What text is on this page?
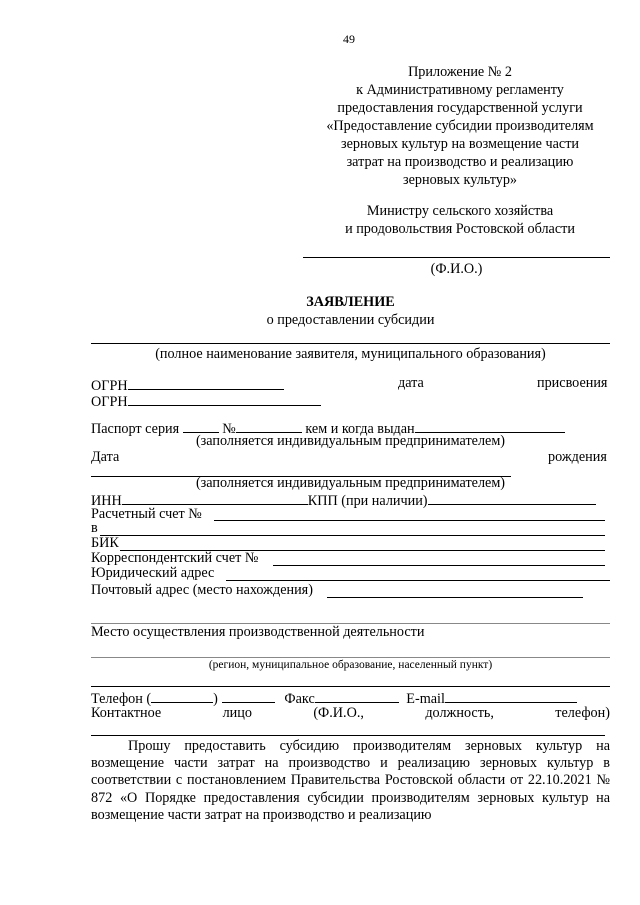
49
Приложение № 2
к Административному регламенту
предоставления государственной услуги
«Предоставление субсидии производителям
зерновых культур на возмещение части
затрат на производство и реализацию
зерновых культур»
Министру сельского хозяйства
и продовольствия Ростовской области
(Ф.И.О.)
ЗАЯВЛЕНИЕ
о предоставлении субсидии
(полное наименование заявителя, муниципального образования)
ОГРН	дата	присвоения
ОГРН
Паспорт серия	№	кем и когда выдан
(заполняется индивидуальным предпринимателем)
Дата	рождения
(заполняется индивидуальным предпринимателем)
ИНН	КПП (при наличии)
Расчетный счет №
в
БИК
Корреспондентский счет №
Юридический адрес
Почтовый адрес (место нахождения)
Место осуществления производственной деятельности
(регион, муниципальное образование, населенный пункт)
Телефон (	)	Факс	E-mail
Контактное	лицо	(Ф.И.О.,	должность,	телефон)
Прошу предоставить субсидию производителям зерновых культур на возмещение части затрат на производство и реализацию зерновых культур в соответствии с постановлением Правительства Ростовской области от 22.10.2021 № 872 «О Порядке предоставления субсидии производителям зерновых культур на возмещение части затрат на производство и реализацию
